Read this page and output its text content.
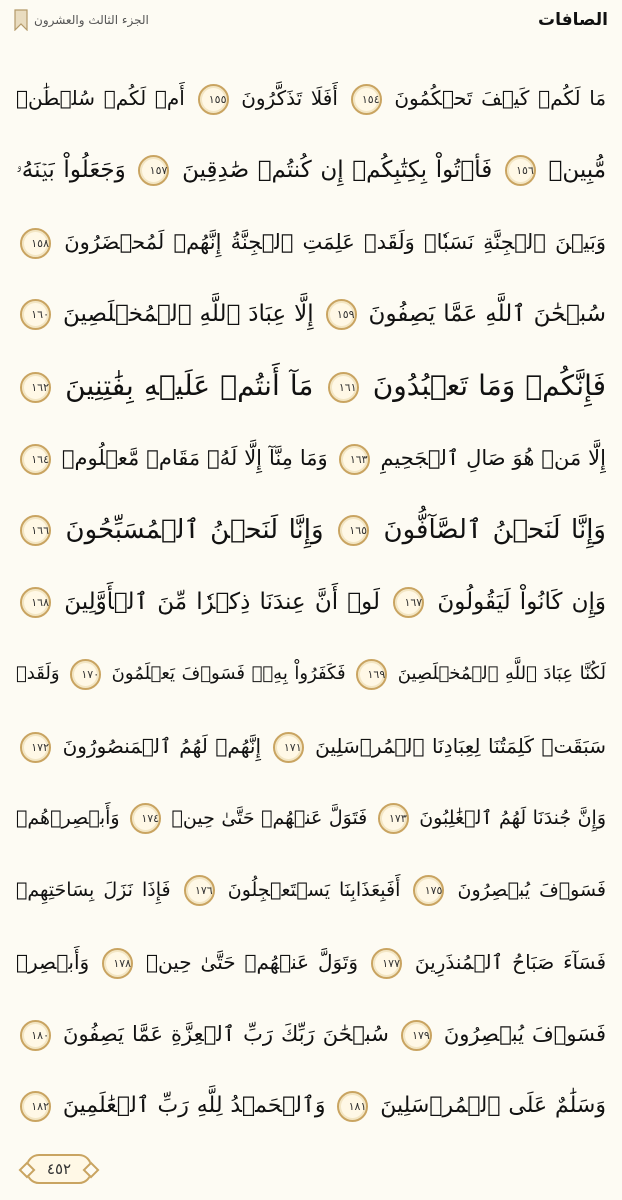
الصافات
الجزء الثالث والعشرون
مَا لَكُمۡ كَيۡفَ تَحۡكُمُونَ ١٥٤ أَفَلَا تَذَكَّرُونَ ١٥٥ أَمۡ لَكُمۡ سُلۡطَٰنٞ
مُّبِينٞ ١٥٦ فَأۡتُواْ بِكِتَٰبِكُمۡ إِن كُنتُمۡ صَٰدِقِينَ ١٥٧ وَجَعَلُواْ بَيۡنَهُۥ
وَبَيۡنَ ٱلۡجِنَّةِ نَسَبٗاۚ وَلَقَدۡ عَلِمَتِ ٱلۡجِنَّةُ إِنَّهُمۡ لَمُحۡضَرُونَ ١٥٨
سُبۡحَٰنَ ٱللَّهِ عَمَّا يَصِفُونَ ١٥٩ إِلَّا عِبَادَ ٱللَّهِ ٱلۡمُخۡلَصِينَ ١٦٠
فَإِنَّكُمۡ وَمَا تَعۡبُدُونَ ١٦١ مَآ أَنتُمۡ عَلَيۡهِ بِفَٰتِنِينَ ١٦٢
إِلَّا مَنۡ هُوَ صَالِ ٱلۡجَحِيمِ ١٦٣ وَمَا مِنَّآ إِلَّا لَهُۥ مَقَامٞ مَّعۡلُومٞ ١٦٤
وَإِنَّا لَنَحۡنُ ٱلصَّآفُّونَ ١٦٥ وَإِنَّا لَنَحۡنُ ٱلۡمُسَبِّحُونَ ١٦٦
وَإِن كَانُواْ لَيَقُولُونَ ١٦٧ لَوۡ أَنَّ عِندَنَا ذِكۡرٗا مِّنَ ٱلۡأَوَّلِينَ ١٦٨
لَكُنَّا عِبَادَ ٱللَّهِ ٱلۡمُخۡلَصِينَ ١٦٩ فَكَفَرُواْ بِهِۦۖ فَسَوۡفَ يَعۡلَمُونَ ١٧٠ وَلَقَدۡ
سَبَقَتۡ كَلِمَتُنَا لِعِبَادِنَا ٱلۡمُرۡسَلِينَ ١٧١ إِنَّهُمۡ لَهُمُ ٱلۡمَنصُورُونَ ١٧٢
وَإِنَّ جُندَنَا لَهُمُ ٱلۡغَٰلِبُونَ ١٧٣ فَتَوَلَّ عَنۡهُمۡ حَتَّىٰ حِينٖ ١٧٤ وَأَبۡصِرۡهُمۡ
فَسَوۡفَ يُبۡصِرُونَ ١٧٥ أَفَبِعَذَابِنَا يَسۡتَعۡجِلُونَ ١٧٦ فَإِذَا نَزَلَ بِسَاحَتِهِمۡ
فَسَآءَ صَبَاحُ ٱلۡمُنذَرِينَ ١٧٧ وَتَوَلَّ عَنۡهُمۡ حَتَّىٰ حِينٖ ١٧٨ وَأَبۡصِرۡ
فَسَوۡفَ يُبۡصِرُونَ ١٧٩ سُبۡحَٰنَ رَبِّكَ رَبِّ ٱلۡعِزَّةِ عَمَّا يَصِفُونَ ١٨٠
وَسَلَٰمٌ عَلَى ٱلۡمُرۡسَلِينَ ١٨١ وَٱلۡحَمۡدُ لِلَّهِ رَبِّ ٱلۡعَٰلَمِينَ ١٨٢
٤٥٢
